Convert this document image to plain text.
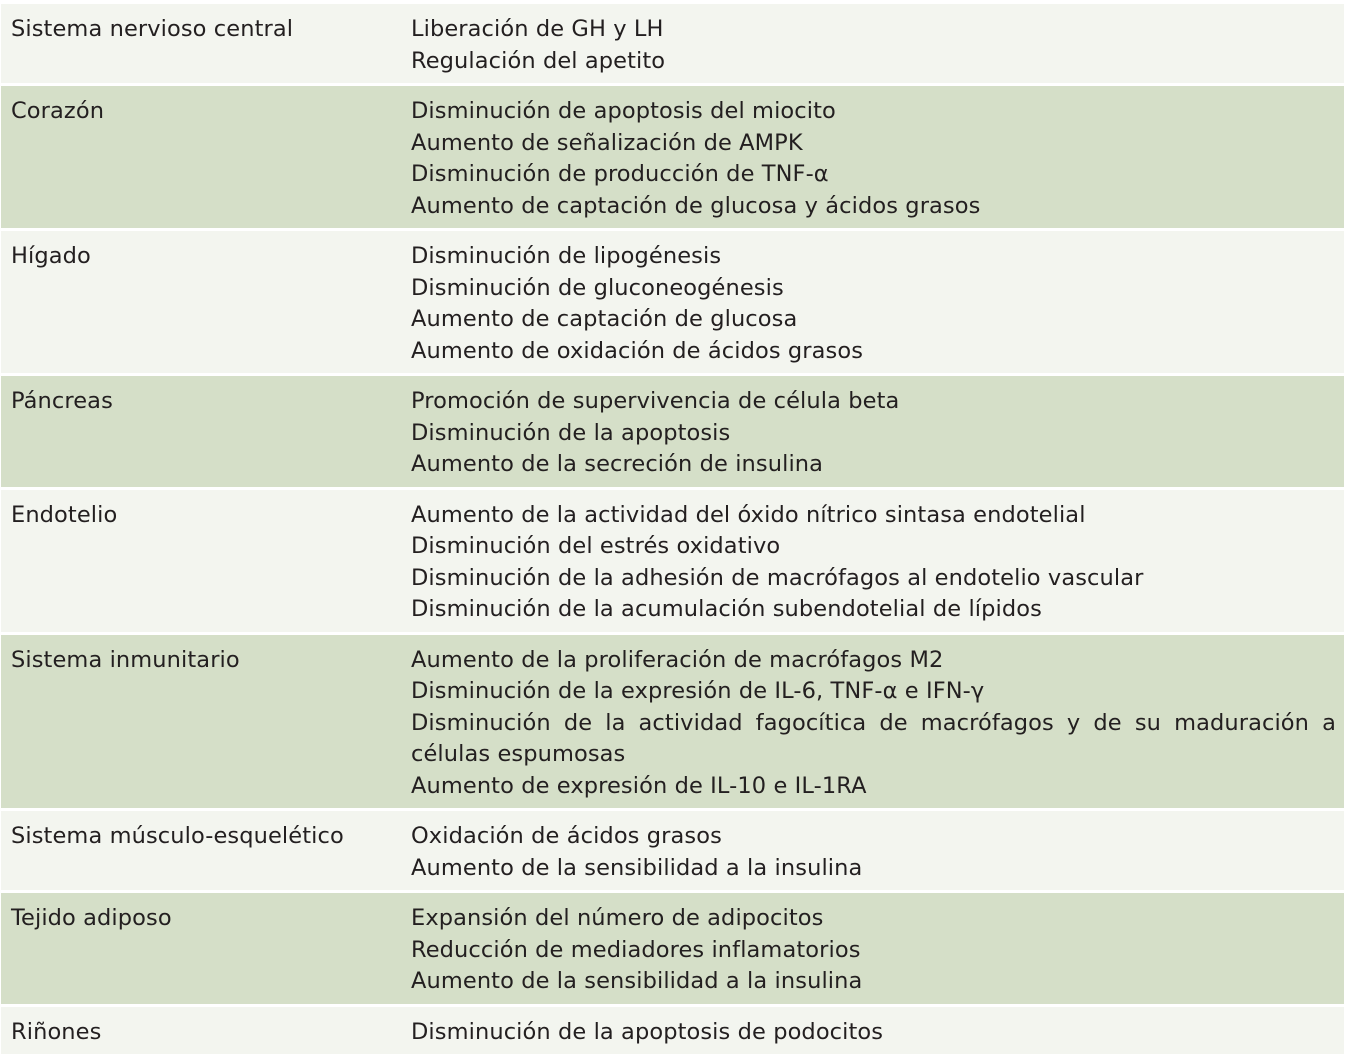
Sistema nervioso central	Liberación de GH y LH
Regulación del apetito
Corazón	Disminución de apoptosis del miocito
Aumento de señalización de AMPK
Disminución de producción de TNF-α
Aumento de captación de glucosa y ácidos grasos
Hígado	Disminución de lipogénesis
Disminución de gluconeogénesis
Aumento de captación de glucosa
Aumento de oxidación de ácidos grasos
Páncreas	Promoción de supervivencia de célula beta
Disminución de la apoptosis
Aumento de la secreción de insulina
Endotelio	Aumento de la actividad del óxido nítrico sintasa endotelial
Disminución del estrés oxidativo
Disminución de la adhesión de macrófagos al endotelio vascular
Disminución de la acumulación subendotelial de lípidos
Sistema inmunitario	Aumento de la proliferación de macrófagos M2
Disminución de la expresión de IL-6, TNF-α e IFN-γ
Disminución de la actividad fagocítica de macrófagos y de su maduración a células espumosas
Aumento de expresión de IL-10 e IL-1RA
Sistema músculo-esquelético	Oxidación de ácidos grasos
Aumento de la sensibilidad a la insulina
Tejido adiposo	Expansión del número de adipocitos
Reducción de mediadores inflamatorios
Aumento de la sensibilidad a la insulina
Riñones	Disminución de la apoptosis de podocitos
